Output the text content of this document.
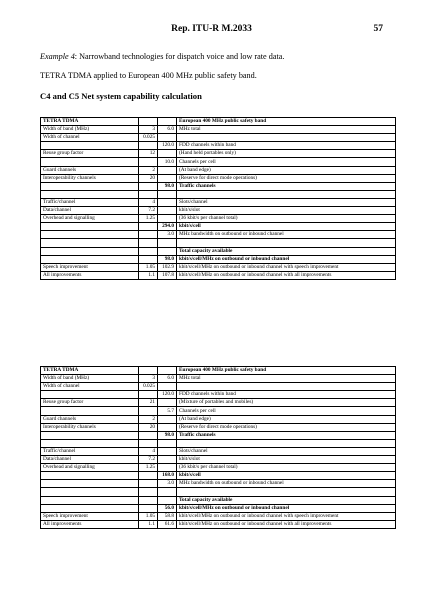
Rep. ITU-R M.2033	57
Example 4: Narrowband technologies for dispatch voice and low rate data.
TETRA TDMA applied to European 400 MHz public safety band.
C4 and C5 Net system capability calculation
TETRA TDMA			European 400 MHz public safety band
Width of band (MHz)	3	6.0	MHz total
Width of channel	0.025		
		120.0	FDD channels within band
Reuse group factor	12		(Hand held portables only)
		10.0	Channels per cell
Guard channels	2		(At band edge)
Interoperability channels	20		(Reserve for direct mode operations)
		98.0	Traffic channels

Traffic/channel	4		Slots/channel
Data/channel	7.2		kbit/s/slot
Overhead and signalling	1.25		(36 kbit/s per channel total)
		294.0	kbit/s/cell
		3.0	MHz bandwidth on outbound or inbound channel

			Total capacity available
		98.0	kbit/s/cell/MHz on outbound or inbound channel
Speech improvement	1.05	102.9	kbit/s/cell/MHz on outbound or inbound channel with speech improvement
All improvements	1.1	107.8	kbit/s/cell/MHz on outbound or inbound channel with all improvements
TETRA TDMA			European 400 MHz public safety band
Width of band (MHz)	3	6.0	MHz total
Width of channel	0.025		
		120.0	FDD channels within band
Reuse group factor	21		(Mixture of portables and mobiles)
		5.7	Channels per cell
Guard channels	2		(At band edge)
Interoperability channels	20		(Reserve for direct mode operations)
		98.0	Traffic channels

Traffic/channel	4		Slots/channel
Data/channel	7.2		kbit/s/slot
Overhead and signalling	1.25		(36 kbit/s per channel total)
		168.0	kbit/s/cell
		3.0	MHz bandwidth on outbound or inbound channel

			Total capacity available
		56.0	kbit/s/cell/MHz on outbound or inbound channel
Speech improvement	1.05	58.8	kbit/s/cell/MHz on outbound or inbound channel with speech improvement
All improvements	1.1	61.6	kbit/s/cell/MHz on outbound or inbound channel with all improvements
